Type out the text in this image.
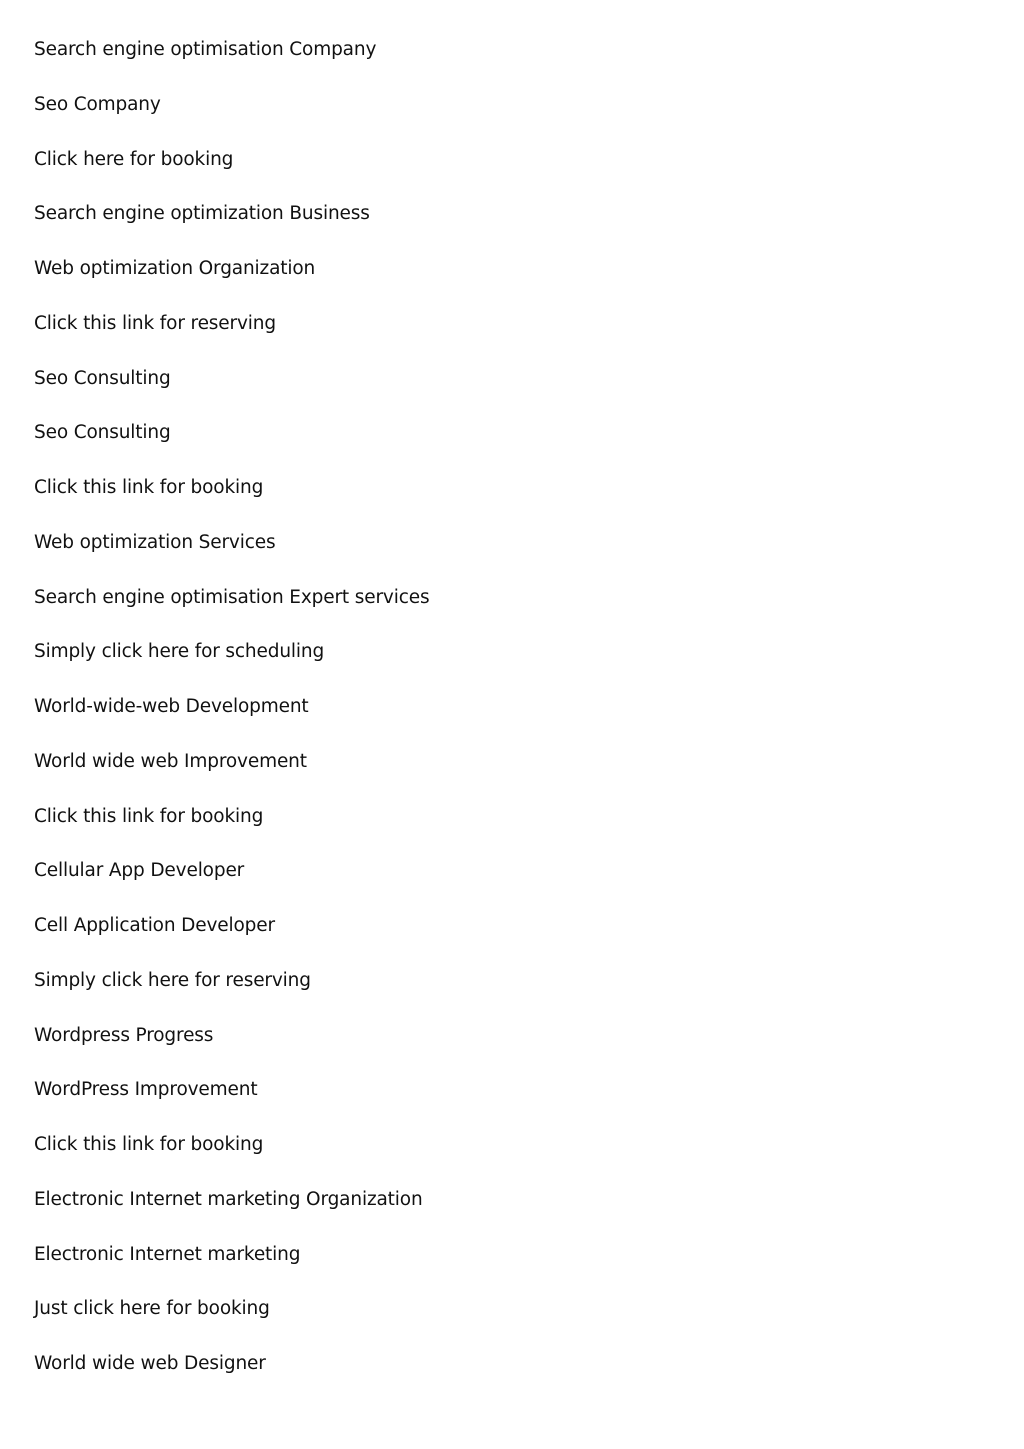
Search engine optimisation Company
Seo Company
Click here for booking
Search engine optimization Business
Web optimization Organization
Click this link for reserving
Seo Consulting
Seo Consulting
Click this link for booking
Web optimization Services
Search engine optimisation Expert services
Simply click here for scheduling
World-wide-web Development
World wide web Improvement
Click this link for booking
Cellular App Developer
Cell Application Developer
Simply click here for reserving
Wordpress Progress
WordPress Improvement
Click this link for booking
Electronic Internet marketing Organization
Electronic Internet marketing
Just click here for booking
World wide web Designer
